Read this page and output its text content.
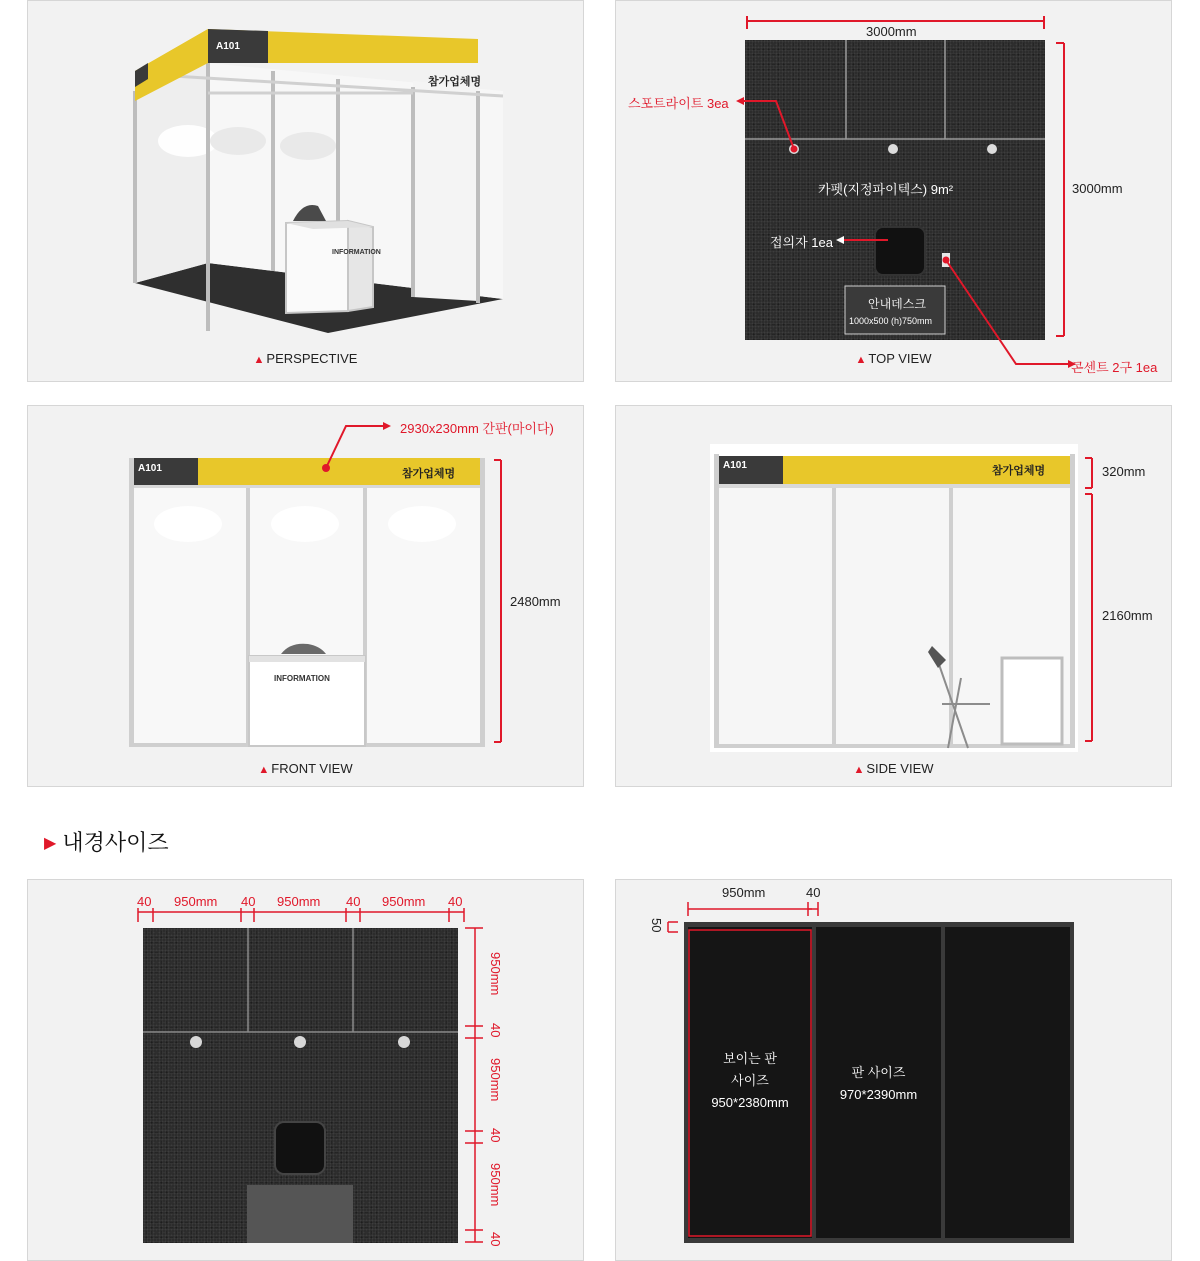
A101
참가업체명
INFORMATION
▲ PERSPECTIVE
3000mm
3000mm
스포트라이트 3ea
카펫(지정파이텍스) 9m²
접의자 1ea
안내데스크
1000x500 (h)750mm
콘센트 2구 1ea
▲ TOP VIEW
A101	참가업체명
INFORMATION
2930x230mm 간판(마이다)
2480mm
▲ FRONT VIEW
A101	참가업체명	320mm
2160mm
▲ SIDE VIEW
▶ 내경사이즈
40 950mm 40 950mm 40 950mm 40
950mm
40
950mm
40
950mm
40
950mm	40
50
보이는 판
사이즈
950*2380mm
판 사이즈
970*2390mm
